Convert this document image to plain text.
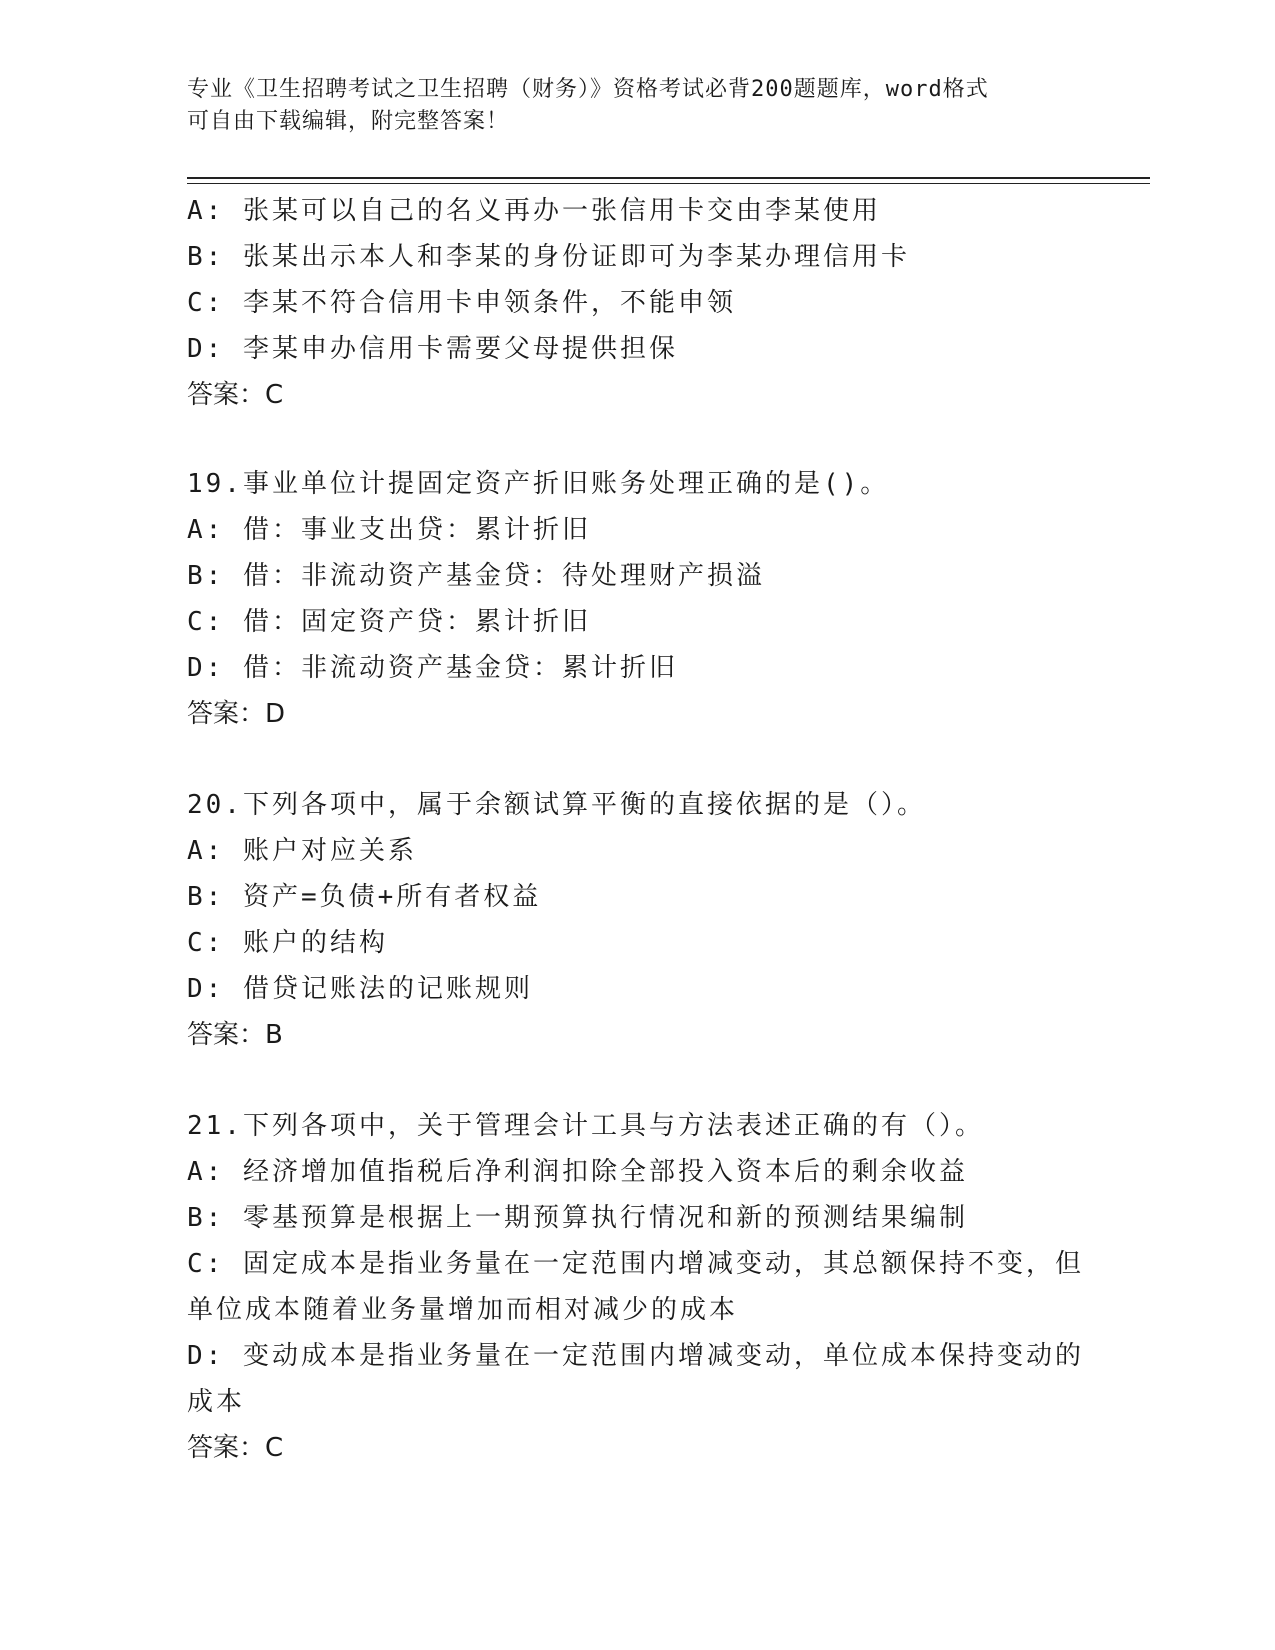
专业《卫生招聘考试之卫生招聘（财务）》资格考试必背200题题库，word格式
可自由下载编辑，附完整答案！
A: 张某可以自己的名义再办一张信用卡交由李某使用
B: 张某出示本人和李某的身份证即可为李某办理信用卡
C: 李某不符合信用卡申领条件，不能申领
D: 李某申办信用卡需要父母提供担保
答案：C
19.事业单位计提固定资产折旧账务处理正确的是()。
A: 借：事业支出贷：累计折旧
B: 借：非流动资产基金贷：待处理财产损溢
C: 借：固定资产贷：累计折旧
D: 借：非流动资产基金贷：累计折旧
答案：D
20.下列各项中，属于余额试算平衡的直接依据的是（）。
A: 账户对应关系
B: 资产=负债+所有者权益
C: 账户的结构
D: 借贷记账法的记账规则
答案：B
21.下列各项中，关于管理会计工具与方法表述正确的有（）。
A: 经济增加值指税后净利润扣除全部投入资本后的剩余收益
B: 零基预算是根据上一期预算执行情况和新的预测结果编制
C: 固定成本是指业务量在一定范围内增减变动，其总额保持不变，但
单位成本随着业务量增加而相对减少的成本
D: 变动成本是指业务量在一定范围内增减变动，单位成本保持变动的
成本
答案：C
